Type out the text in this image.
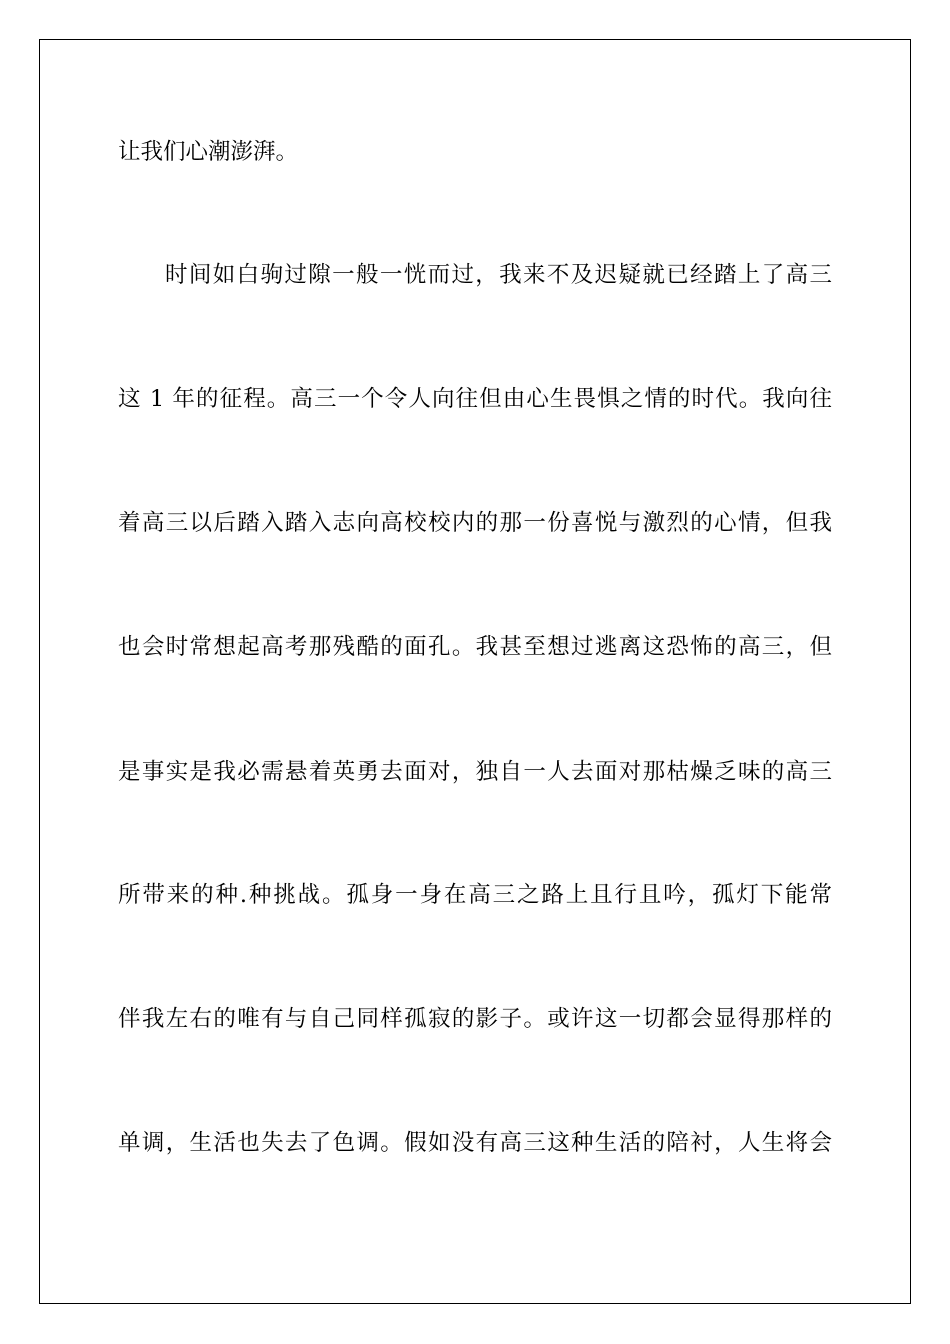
让我们心潮澎湃。

时间如白驹过隙一般一恍而过，我来不及迟疑就已经踏上了高三

这 1 年的征程。高三一个令人向往但由心生畏惧之情的时代。我向往

着高三以后踏入踏入志向高校校内的那一份喜悦与激烈的心情，但我

也会时常想起高考那残酷的面孔。我甚至想过逃离这恐怖的高三，但

是事实是我必需悬着英勇去面对，独自一人去面对那枯燥乏味的高三

所带来的种.种挑战。孤身一身在高三之路上且行且吟，孤灯下能常

伴我左右的唯有与自己同样孤寂的影子。或许这一切都会显得那样的

单调，生活也失去了色调。假如没有高三这种生活的陪衬，人生将会
